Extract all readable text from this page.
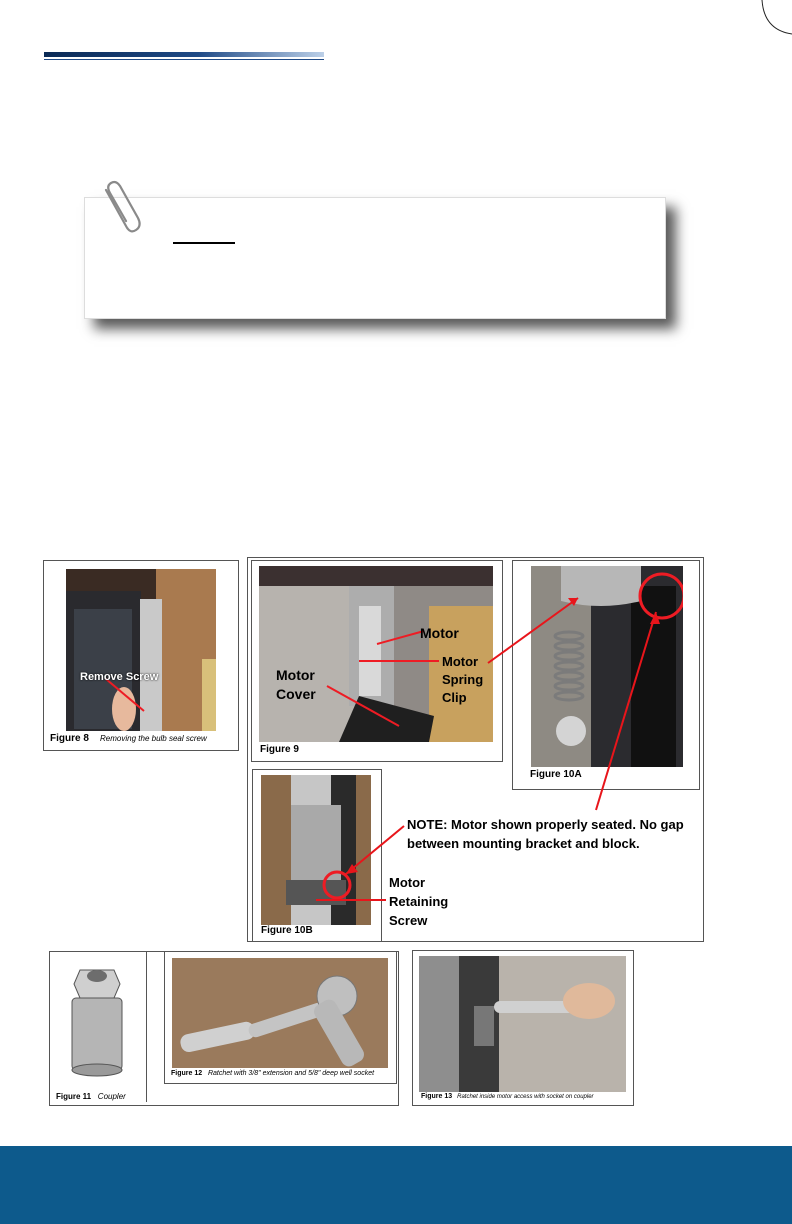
Remove Screw
Figure 8 Removing the bulb seal screw
Motor
Motor Cover
Motor Spring Clip
Figure 9
Figure 10A
Figure 10B
NOTE: Motor shown properly seated. No gap between mounting bracket and block.
Motor Retaining Screw
Figure 11 Coupler
Figure 12 Ratchet with 3/8" extension and 5/8" deep well socket
Figure 13 Ratchet inside motor access with socket on coupler
